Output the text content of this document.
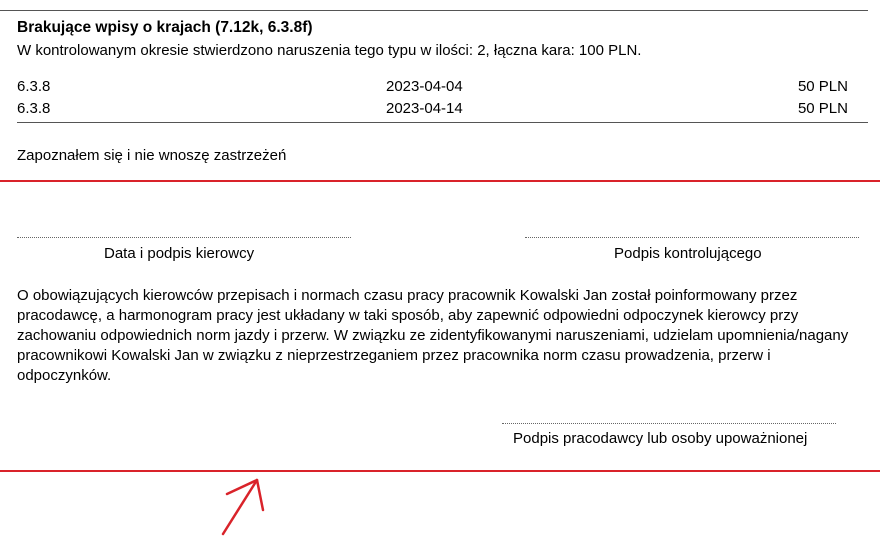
Brakujące wpisy o krajach (7.12k, 6.3.8f)
W kontrolowanym okresie stwierdzono naruszenia tego typu w ilości: 2, łączna kara: 100 PLN.
6.3.8	2023-04-04	50 PLN
6.3.8	2023-04-14	50 PLN
Zapoznałem się i nie wnoszę zastrzeżeń
Data i podpis kierowcy	Podpis kontrolującego
O obowiązujących kierowców przepisach i normach czasu pracy pracownik Kowalski Jan został poinformowany przez pracodawcę, a harmonogram pracy jest układany w taki sposób, aby zapewnić odpowiedni odpoczynek kierowcy przy zachowaniu odpowiednich norm jazdy i przerw. W związku ze zidentyfikowanymi naruszeniami, udzielam upomnienia/nagany pracownikowi Kowalski Jan w związku z nieprzestrzeganiem przez pracownika norm czasu prowadzenia, przerw i odpoczynków.
Podpis pracodawcy lub osoby upoważnionej
